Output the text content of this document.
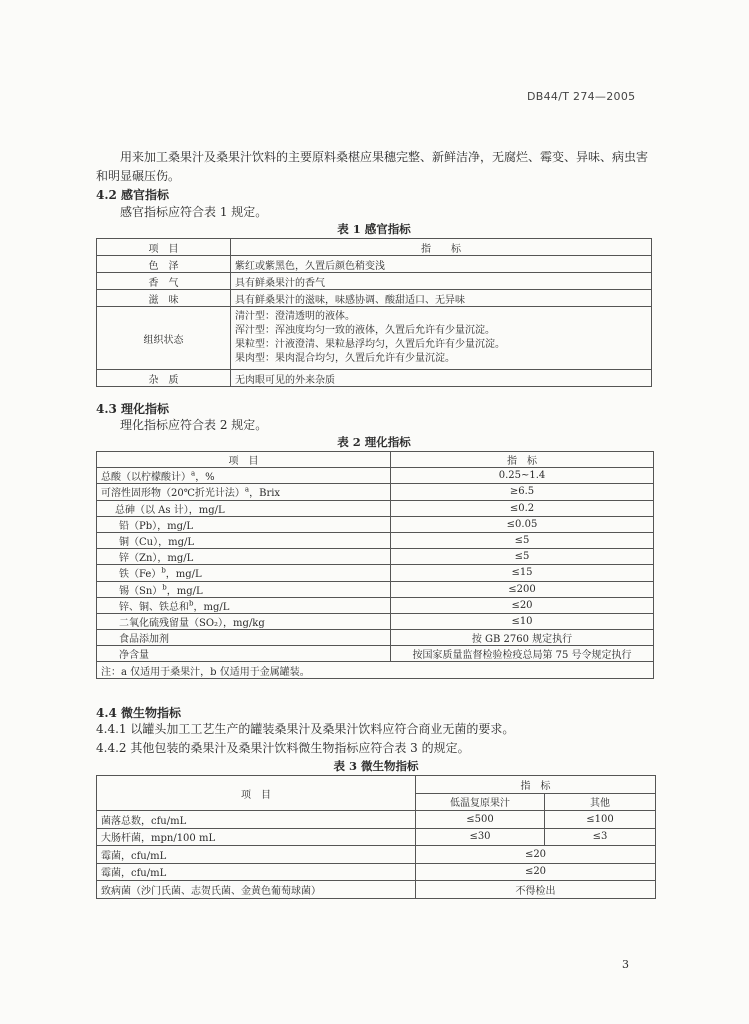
DB44/T 274—2005
用来加工桑果汁及桑果汁饮料的主要原料桑椹应果穗完整、新鲜洁净，无腐烂、霉变、异味、病虫害和明显碾压伤。
4.2 感官指标
感官指标应符合表 1 规定。
表 1 感官指标
项　目	指　　标
色　泽	紫红或紫黑色，久置后颜色稍变浅
香　气	具有鲜桑果汁的香气
滋　味	具有鲜桑果汁的滋味，味感协调、酸甜适口、无异味
组织状态	清汁型：澄清透明的液体。
浑汁型：浑浊度均匀一致的液体，久置后允许有少量沉淀。
果粒型：汁液澄清、果粒悬浮均匀，久置后允许有少量沉淀。
果肉型：果肉混合均匀，久置后允许有少量沉淀。

杂　质	无肉眼可见的外来杂质
4.3 理化指标
理化指标应符合表 2 规定。
表 2 理化指标
项　目	指　标
总酸（以柠檬酸计）$^a$，%	0.25~1.4
可溶性固形物（20℃折光计法）$^a$，Brix	≥6.5
总砷（以 As 计），mg/L	≤0.2
铅（Pb），mg/L	≤0.05
铜（Cu），mg/L	≤5
锌（Zn），mg/L	≤5
铁$(Fe)^b$，mg/L	≤15
锡$(Sn)^b$，mg/L	≤200
锌、铜、铁总和$^b$，mg/L	≤20
二氧化硫残留量（SO₂），mg/kg	≤10
食品添加剂	按 GB 2760 规定执行
净含量	按国家质量监督检验检疫总局第 75 号令规定执行
注：a 仅适用于桑果汁，b 仅适用于金属罐装。	
4.4 微生物指标
4.4.1 以罐头加工工艺生产的罐装桑果汁及桑果汁饮料应符合商业无菌的要求。
4.4.2 其他包装的桑果汁及桑果汁饮料微生物指标应符合表 3 的规定。
表 3 微生物指标
项　目	指　标	
	低温复原果汁	其他
菌落总数，cfu/mL	≤500	≤100
大肠杆菌，mpn/100 mL	≤30	≤3
霉菌，cfu/mL	≤20	
霉菌，cfu/mL	≤20	
致病菌（沙门氏菌、志贺氏菌、金黄色葡萄球菌）	不得检出	
3
